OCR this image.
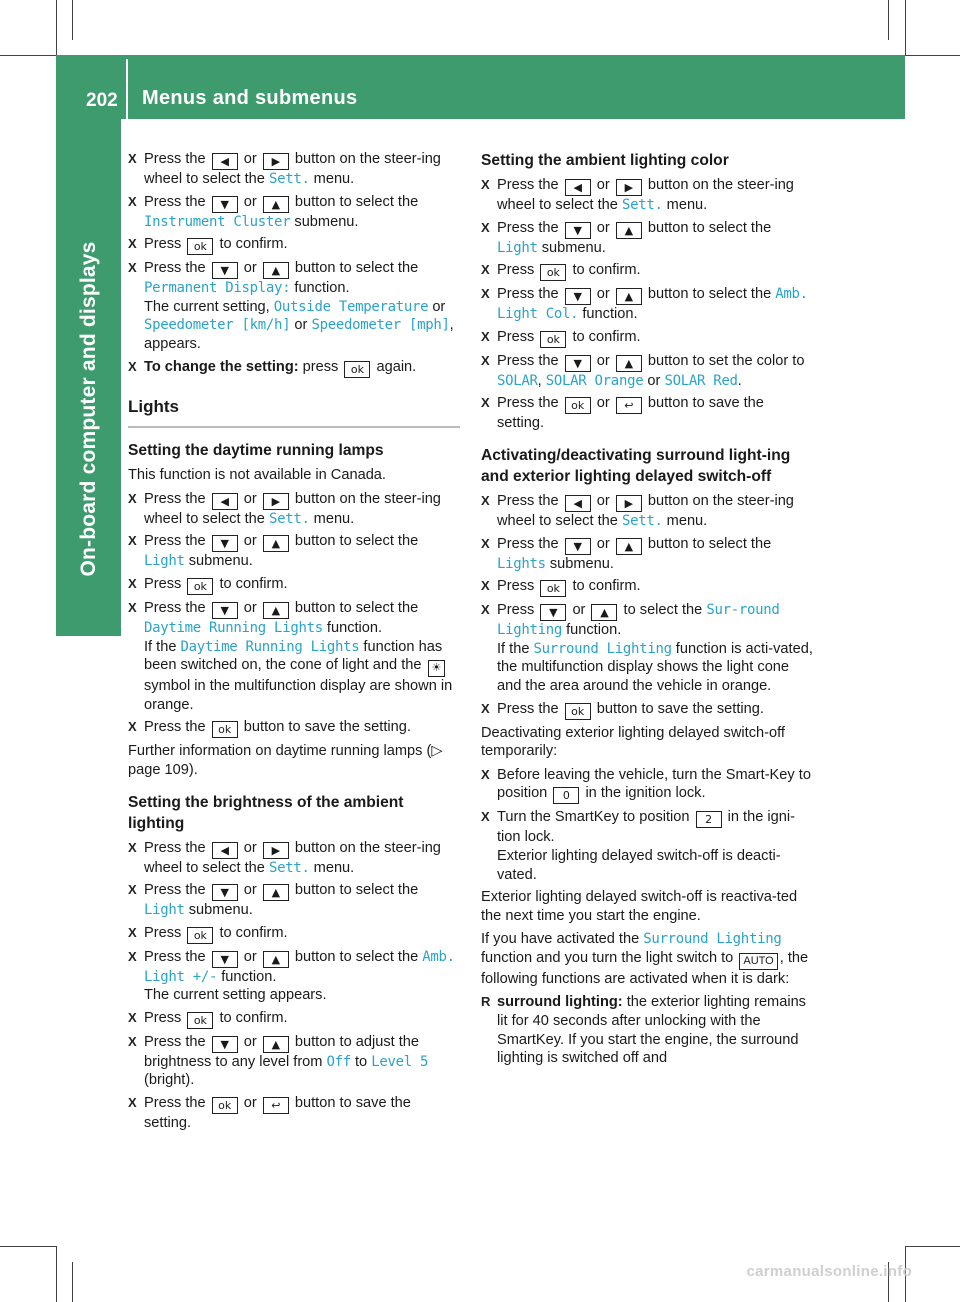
202 Menus and submenus
On-board computer and displays
X Press the ◀ or ▶ button on the steer-ing wheel to select the Sett. menu.
X Press the ▼ or ▲ button to select the Instrument Cluster submenu.
X Press ok to confirm.
X Press the ▼ or ▲ button to select the Permanent Display: function.
The current setting, Outside Temperature or Speedometer [km/h] or Speedometer [mph], appears.
X To change the setting: press ok again.
Lights
Setting the daytime running lamps
This function is not available in Canada.
X Press the ◀ or ▶ button on the steer-ing wheel to select the Sett. menu.
X Press the ▼ or ▲ button to select the Light submenu.
X Press ok to confirm.
X Press the ▼ or ▲ button to select the Daytime Running Lights function.
If the Daytime Running Lights function has been switched on, the cone of light and the ☀ symbol in the multifunction display are shown in orange.
X Press the ok button to save the setting.
Further information on daytime running lamps (▷ page 109).
Setting the brightness of the ambient lighting
X Press the ◀ or ▶ button on the steer-ing wheel to select the Sett. menu.
X Press the ▼ or ▲ button to select the Light submenu.
X Press ok to confirm.
X Press the ▼ or ▲ button to select the Amb. Light +/- function.
The current setting appears.
X Press ok to confirm.
X Press the ▼ or ▲ button to adjust the brightness to any level from Off to Level 5 (bright).
X Press the ok or ↩ button to save the setting.
Setting the ambient lighting color
X Press the ◀ or ▶ button on the steer-ing wheel to select the Sett. menu.
X Press the ▼ or ▲ button to select the Light submenu.
X Press ok to confirm.
X Press the ▼ or ▲ button to select the Amb. Light Col. function.
X Press ok to confirm.
X Press the ▼ or ▲ button to set the color to SOLAR, SOLAR Orange or SOLAR Red.
X Press the ok or ↩ button to save the setting.
Activating/deactivating surround light-ing and exterior lighting delayed switch-off
X Press the ◀ or ▶ button on the steer-ing wheel to select the Sett. menu.
X Press the ▼ or ▲ button to select the Lights submenu.
X Press ok to confirm.
X Press ▼ or ▲ to select the Sur‐round Lighting function.
If the Surround Lighting function is acti-vated, the multifunction display shows the light cone and the area around the vehicle in orange.
X Press the ok button to save the setting.
Deactivating exterior lighting delayed switch-off temporarily:
X Before leaving the vehicle, turn the Smart-Key to position 0 in the ignition lock.
X Turn the SmartKey to position 2 in the igni-tion lock.
Exterior lighting delayed switch-off is deacti-vated.
Exterior lighting delayed switch-off is reactiva-ted the next time you start the engine.
If you have activated the Surround Lighting function and you turn the light switch to AUTO , the following functions are activated when it is dark:
R surround lighting: the exterior lighting remains lit for 40 seconds after unlocking with the SmartKey. If you start the engine, the surround lighting is switched off and
carmanualsonline.info
